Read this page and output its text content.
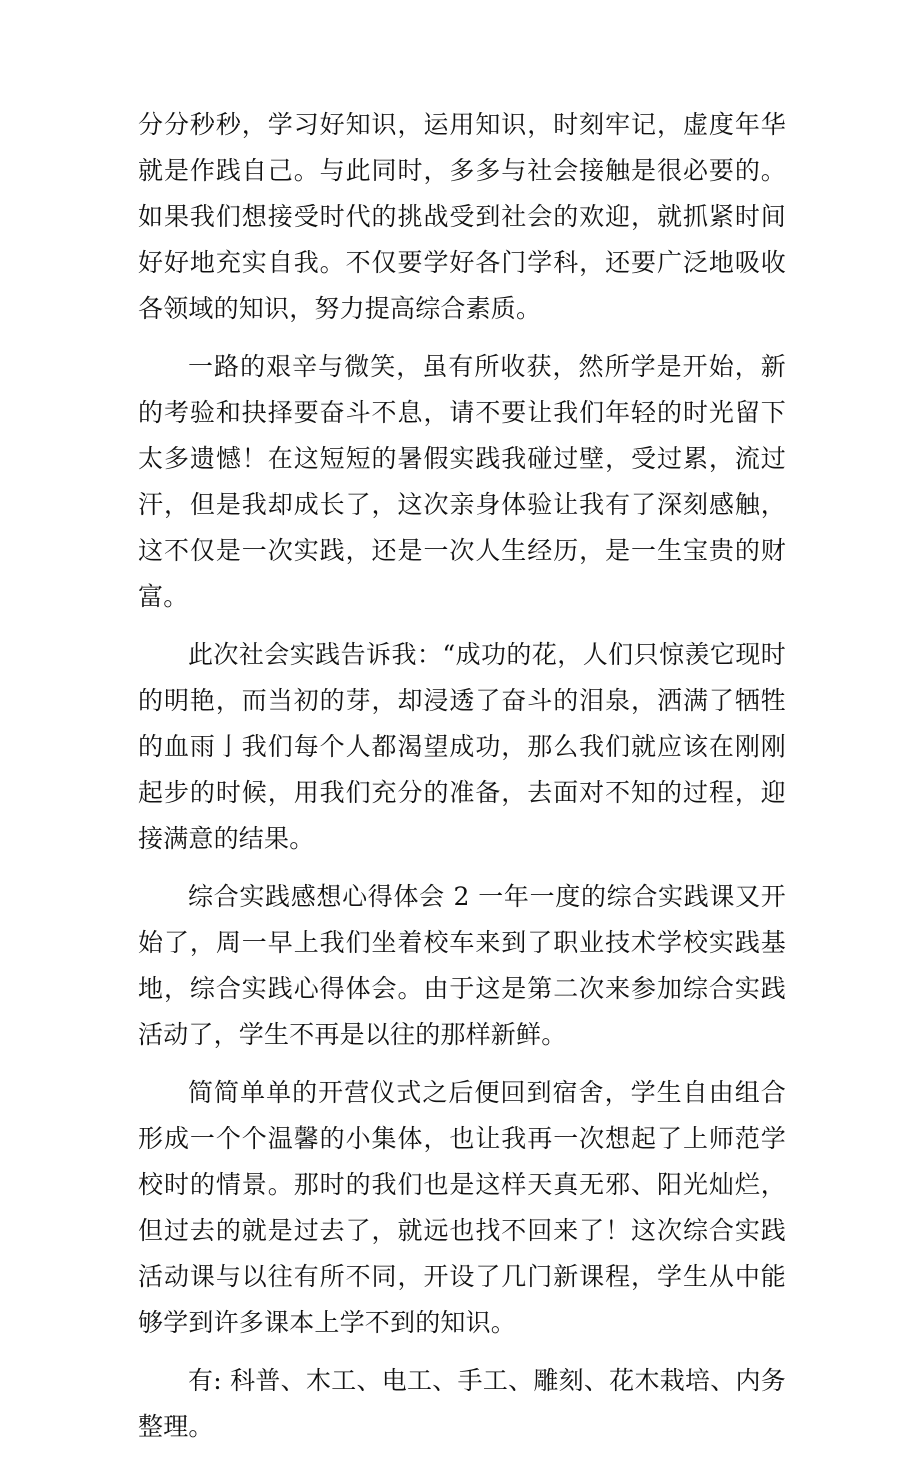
分分秒秒，学习好知识，运用知识，时刻牢记，虚度年华就是作践自己。与此同时，多多与社会接触是很必要的。如果我们想接受时代的挑战受到社会的欢迎，就抓紧时间好好地充实自我。不仅要学好各门学科，还要广泛地吸收各领域的知识，努力提高综合素质。

一路的艰辛与微笑，虽有所收获，然所学是开始，新的考验和抉择要奋斗不息，请不要让我们年轻的时光留下太多遗憾！在这短短的暑假实践我碰过壁，受过累，流过汗，但是我却成长了，这次亲身体验让我有了深刻感触，这不仅是一次实践，还是一次人生经历，是一生宝贵的财富。

此次社会实践告诉我：“成功的花，人们只惊羡它现时的明艳，而当初的芽，却浸透了奋斗的泪泉，洒满了牺牲的血雨亅我们每个人都渴望成功，那么我们就应该在刚刚起步的时候，用我们充分的准备，去面对不知的过程，迎接满意的结果。

综合实践感想心得体会 2 一年一度的综合实践课又开始了，周一早上我们坐着校车来到了职业技术学校实践基地，综合实践心得体会。由于这是第二次来参加综合实践活动了，学生不再是以往的那样新鲜。

简简单单的开营仪式之后便回到宿舍，学生自由组合形成一个个温馨的小集体，也让我再一次想起了上师范学校时的情景。那时的我们也是这样天真无邪、阳光灿烂，但过去的就是过去了，就远也找不回来了！这次综合实践活动课与以往有所不同，开设了几门新课程，学生从中能够学到许多课本上学不到的知识。

有: 科普、木工、电工、手工、雕刻、花木栽培、内务整理。
